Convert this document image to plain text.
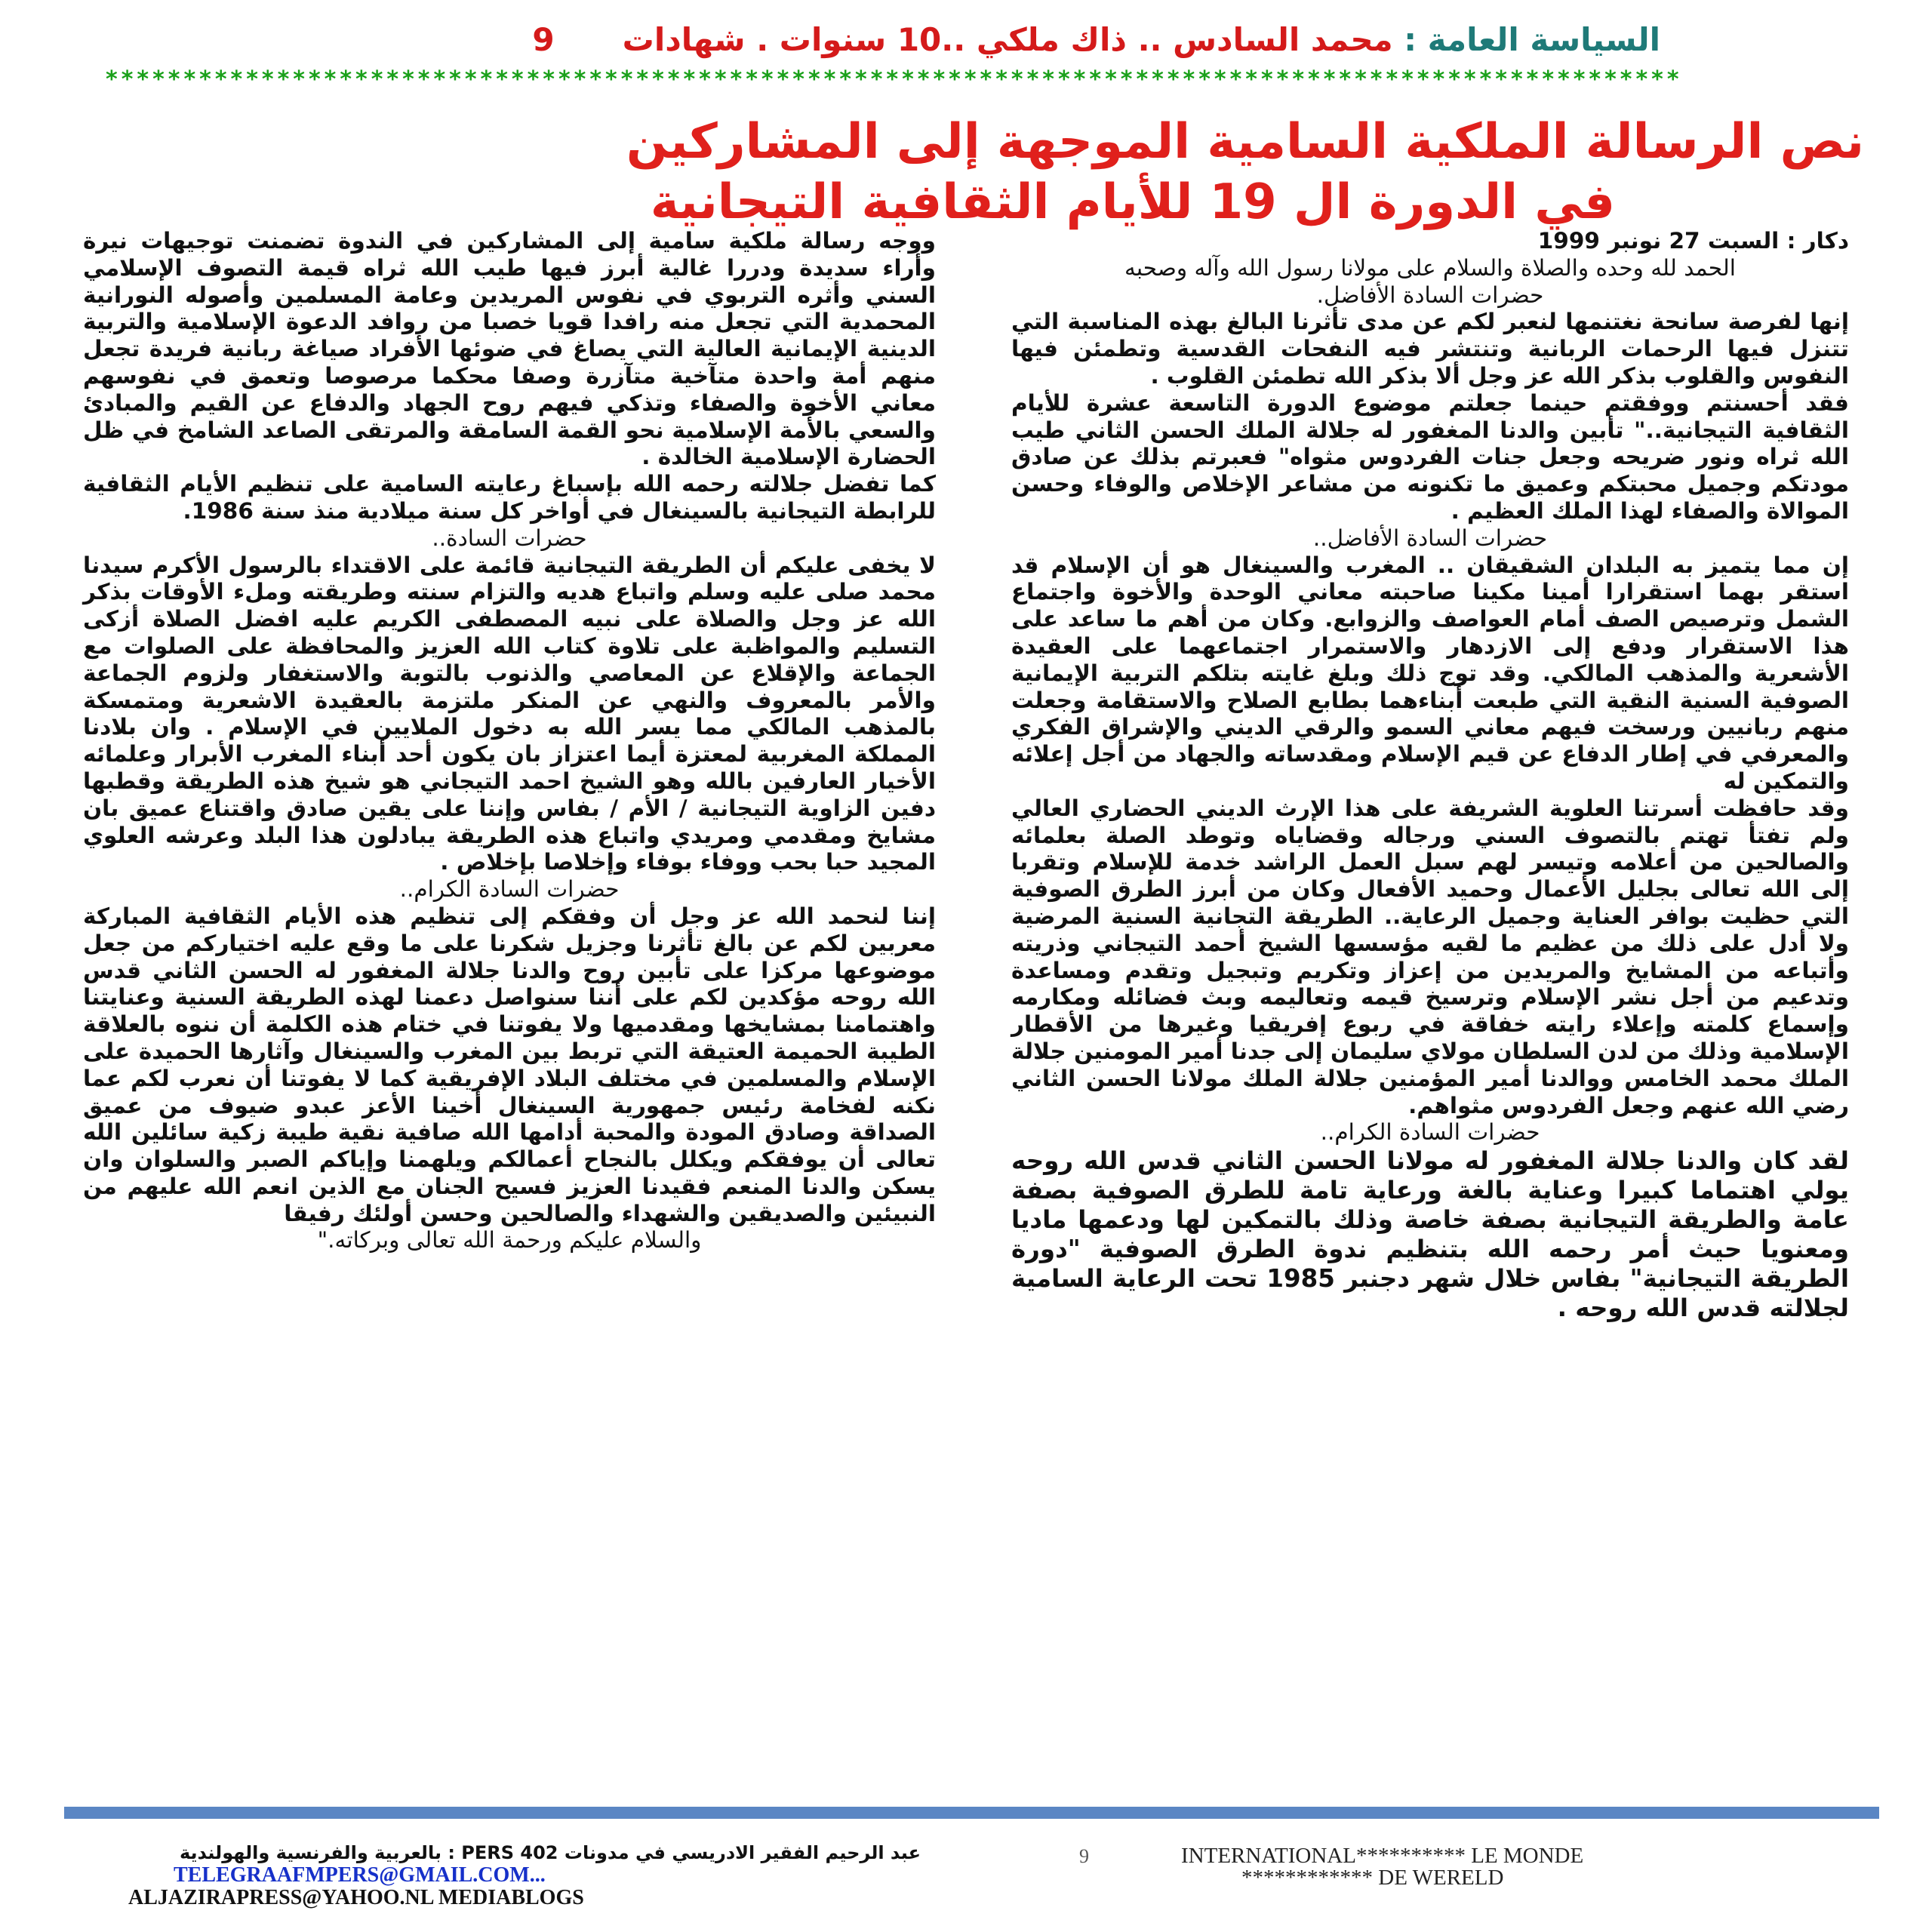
السياسة العامة : محمد السادس .. ذاك ملكي ..10 سنوات . شهادات9
*****************************************************************************************************
نص الرسالة الملكية السامية الموجهة إلى المشاركين
في الدورة ال 19 للأيام الثقافية التيجانية

دكار : السبت 27 نونبر 1999

الحمد لله وحده والصلاة والسلام على مولانا رسول الله وآله وصحبه

حضرات السادة الأفاضل.

إنها لفرصة سانحة نغتنمها لنعبر لكم عن مدى تأثرنا البالغ بهذه المناسبة التي تتنزل فيها الرحمات الربانية وتنتشر فيه النفحات القدسية وتطمئن فيها النفوس والقلوب بذكر الله عز وجل ألا بذكر الله تطمئن القلوب .

فقد أحسنتم ووفقتم حينما جعلتم موضوع الدورة التاسعة عشرة للأيام الثقافية التيجانية.." تأبين والدنا المغفور له جلالة الملك الحسن الثاني طيب الله ثراه ونور ضريحه وجعل جنات الفردوس مثواه" فعبرتم بذلك عن صادق مودتكم وجميل محبتكم وعميق ما تكنونه من مشاعر الإخلاص والوفاء وحسن الموالاة والصفاء لهذا الملك العظيم .

حضرات السادة الأفاضل..

إن مما يتميز به البلدان الشقيقان .. المغرب والسينغال هو أن الإسلام قد استقر بهما استقرارا أمينا مكينا صاحبته معاني الوحدة والأخوة واجتماع الشمل وترصيص الصف أمام العواصف والزوابع. وكان من أهم ما ساعد على هذا الاستقرار ودفع إلى الازدهار والاستمرار اجتماعهما على العقيدة الأشعرية والمذهب المالكي. وقد توج ذلك وبلغ غايته بتلكم التربية الإيمانية الصوفية السنية النقية التي طبعت أبناءهما بطابع الصلاح والاستقامة وجعلت منهم ربانيين ورسخت فيهم معاني السمو والرقي الديني والإشراق الفكري والمعرفي في إطار الدفاع عن قيم الإسلام ومقدساته والجهاد من أجل إعلائه والتمكين له

وقد حافظت أسرتنا العلوية الشريفة على هذا الإرث الديني الحضاري العالي ولم تفتأ تهتم بالتصوف السني ورجاله وقضاياه وتوطد الصلة بعلمائه والصالحين من أعلامه وتيسر لهم سبل العمل الراشد خدمة للإسلام وتقربا إلى الله تعالى بجليل الأعمال وحميد الأفعال وكان من أبرز الطرق الصوفية التي حظيت بوافر العناية وجميل الرعاية.. الطريقة التجانية السنية المرضية ولا أدل على ذلك من عظيم ما لقيه مؤسسها الشيخ أحمد التيجاني وذريته وأتباعه من المشايخ والمريدين من إعزاز وتكريم وتبجيل وتقدم ومساعدة وتدعيم من أجل نشر الإسلام وترسيخ قيمه وتعاليمه وبث فضائله ومكارمه وإسماع كلمته وإعلاء رايته خفاقة في ربوع إفريقيا وغيرها من الأقطار الإسلامية وذلك من لدن السلطان مولاي سليمان إلى جدنا أمير المومنين جلالة الملك محمد الخامس ووالدنا أمير المؤمنين جلالة الملك مولانا الحسن الثاني رضي الله عنهم وجعل الفردوس مثواهم.

حضرات السادة الكرام..

لقد كان والدنا جلالة المغفور له مولانا الحسن الثاني قدس الله روحه يولي اهتماما كبيرا وعناية بالغة ورعاية تامة للطرق الصوفية بصفة عامة والطريقة التيجانية بصفة خاصة وذلك بالتمكين لها ودعمها ماديا ومعنويا حيث أمر رحمه الله بتنظيم ندوة الطرق الصوفية "دورة الطريقة التيجانية" بفاس خلال شهر دجنبر 1985 تحت الرعاية السامية لجلالته قدس الله روحه .

ووجه رسالة ملكية سامية إلى المشاركين في الندوة تضمنت توجيهات نيرة وأراء سديدة ودررا غالية أبرز فيها طيب الله ثراه قيمة التصوف الإسلامي السني وأثره التربوي في نفوس المريدين وعامة المسلمين وأصوله النورانية المحمدية التي تجعل منه رافدا قويا خصبا من روافد الدعوة الإسلامية والتربية الدينية الإيمانية العالية التي يصاغ في ضوئها الأفراد صياغة ربانية فريدة تجعل منهم أمة واحدة متآخية متآزرة وصفا محكما مرصوصا وتعمق في نفوسهم معاني الأخوة والصفاء وتذكي فيهم روح الجهاد والدفاع عن القيم والمبادئ والسعي بالأمة الإسلامية نحو القمة السامقة والمرتقى الصاعد الشامخ في ظل الحضارة الإسلامية الخالدة .

كما تفضل جلالته رحمه الله بإسباغ رعايته السامية على تنظيم الأيام الثقافية للرابطة التيجانية بالسينغال في أواخر كل سنة ميلادية منذ سنة 1986.

حضرات السادة..

لا يخفى عليكم أن الطريقة التيجانية قائمة على الاقتداء بالرسول الأكرم سيدنا محمد صلى عليه وسلم واتباع هديه والتزام سنته وطريقته وملء الأوقات بذكر الله عز وجل والصلاة على نبيه المصطفى الكريم عليه افضل الصلاة أزكى التسليم والمواظبة على تلاوة كتاب الله العزيز والمحافظة على الصلوات مع الجماعة والإقلاع عن المعاصي والذنوب بالتوبة والاستغفار ولزوم الجماعة والأمر بالمعروف والنهي عن المنكر ملتزمة بالعقيدة الاشعرية ومتمسكة بالمذهب المالكي مما يسر الله به دخول الملايين في الإسلام . وان بلادنا المملكة المغربية لمعتزة أيما اعتزاز بان يكون أحد أبناء المغرب الأبرار وعلمائه الأخيار العارفين بالله وهو الشيخ احمد التيجاني هو شيخ هذه الطريقة وقطبها دفين الزاوية التيجانية / الأم / بفاس وإننا على يقين صادق واقتناع عميق بان مشايخ ومقدمي ومريدي واتباع هذه الطريقة يبادلون هذا البلد وعرشه العلوي المجيد حبا بحب ووفاء بوفاء وإخلاصا بإخلاص .

حضرات السادة الكرام..

إننا لنحمد الله عز وجل أن وفقكم إلى تنظيم هذه الأيام الثقافية المباركة معربين لكم عن بالغ تأثرنا وجزيل شكرنا على ما وقع عليه اختياركم من جعل موضوعها مركزا على تأبين روح والدنا جلالة المغفور له الحسن الثاني قدس الله روحه مؤكدين لكم على أننا سنواصل دعمنا لهذه الطريقة السنية وعنايتنا واهتمامنا بمشايخها ومقدميها ولا يفوتنا في ختام هذه الكلمة أن ننوه بالعلاقة الطيبة الحميمة العتيقة التي تربط بين المغرب والسينغال وآثارها الحميدة على الإسلام والمسلمين في مختلف البلاد الإفريقية كما لا يفوتنا أن نعرب لكم عما نكنه لفخامة رئيس جمهورية السينغال أخينا الأعز عبدو ضيوف من عميق الصداقة وصادق المودة والمحبة أدامها الله صافية نقية طيبة زكية سائلين الله تعالى أن يوفقكم ويكلل بالنجاح أعمالكم ويلهمنا وإياكم الصبر والسلوان وان يسكن والدنا المنعم فقيدنا العزيز فسيح الجنان مع الذين انعم الله عليهم من النبيئين والصديقين والشهداء والصالحين وحسن أولئك رفيقا

والسلام عليكم ورحمة الله تعالى وبركاته."

INTERNATIONAL********** LE MONDE
************ DE WERELD
9
عبد الرحيم الفقير الادريسي في مدونات PERS 402 : بالعربية والفرنسية والهولندية
TELEGRAAFMPERS@GMAIL.COM...
ALJAZIRAPRESS@YAHOO.NL MEDIABLOGS
